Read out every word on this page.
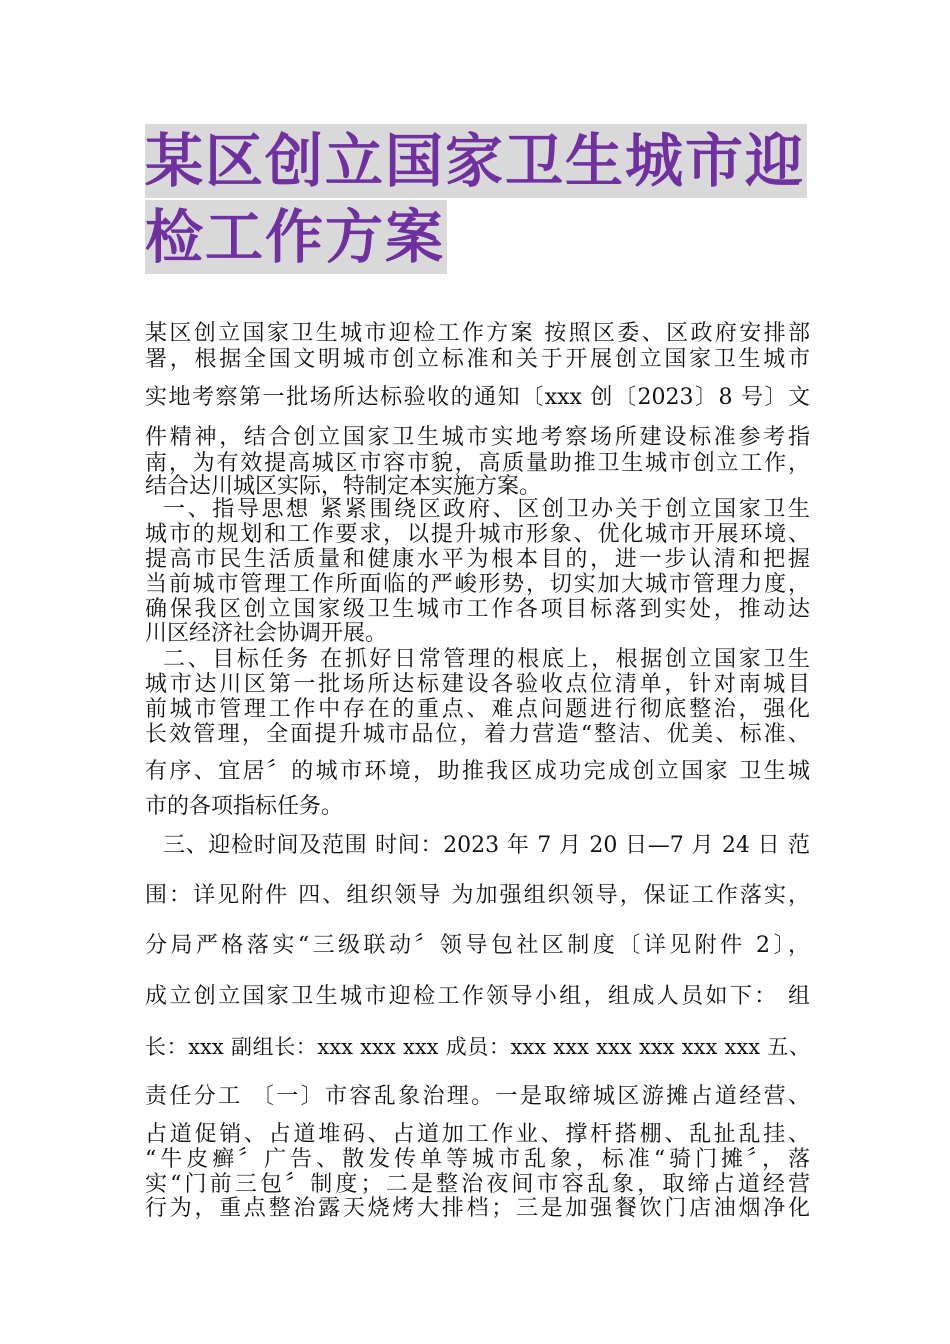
某区创立国家卫生城市迎
检工作方案
某区创立国家卫生城市迎检工作方案 按照区委、区政府安排部
署，根据全国文明城市创立标准和关于开展创立国家卫生城市
实地考察第一批场所达标验收的通知〔xxx 创〔2023〕8 号〕文
件精神，结合创立国家卫生城市实地考察场所建设标准参考指
南，为有效提高城区市容市貌，高质量助推卫生城市创立工作，
结合达川城区实际，特制定本实施方案。
一、指导思想 紧紧围绕区政府、区创卫办关于创立国家卫生
城市的规划和工作要求，以提升城市形象、优化城市开展环境、
提高市民生活质量和健康水平为根本目的，进一步认清和把握
当前城市管理工作所面临的严峻形势，切实加大城市管理力度，
确保我区创立国家级卫生城市工作各项目标落到实处，推动达
川区经济社会协调开展。
二、目标任务 在抓好日常管理的根底上，根据创立国家卫生
城市达川区第一批场所达标建设各验收点位清单，针对南城目
前城市管理工作中存在的重点、难点问题进行彻底整治，强化
长效管理，全面提升城市品位，着力营造“整洁、优美、标准、
有序、宜居〞的城市环境，助推我区成功完成创立国家 卫生城
市的各项指标任务。
三、迎检时间及范围 时间：2023 年 7 月 20 日—7 月 24 日 范
围：详见附件 四、组织领导 为加强组织领导，保证工作落实，
分局严格落实“三级联动〞领导包社区制度〔详见附件 2〕，
成立创立国家卫生城市迎检工作领导小组，组成人员如下： 组
长：xxx 副组长：xxx xxx xxx 成员：xxx xxx xxx xxx xxx xxx 五、
责任分工 〔一〕市容乱象治理。一是取缔城区游摊占道经营、
占道促销、占道堆码、占道加工作业、撑杆搭棚、乱扯乱挂、
“牛皮癣〞广告、散发传单等城市乱象，标准“骑门摊〞，落
实“门前三包〞制度；二是整治夜间市容乱象，取缔占道经营
行为，重点整治露天烧烤大排档；三是加强餐饮门店油烟净化
